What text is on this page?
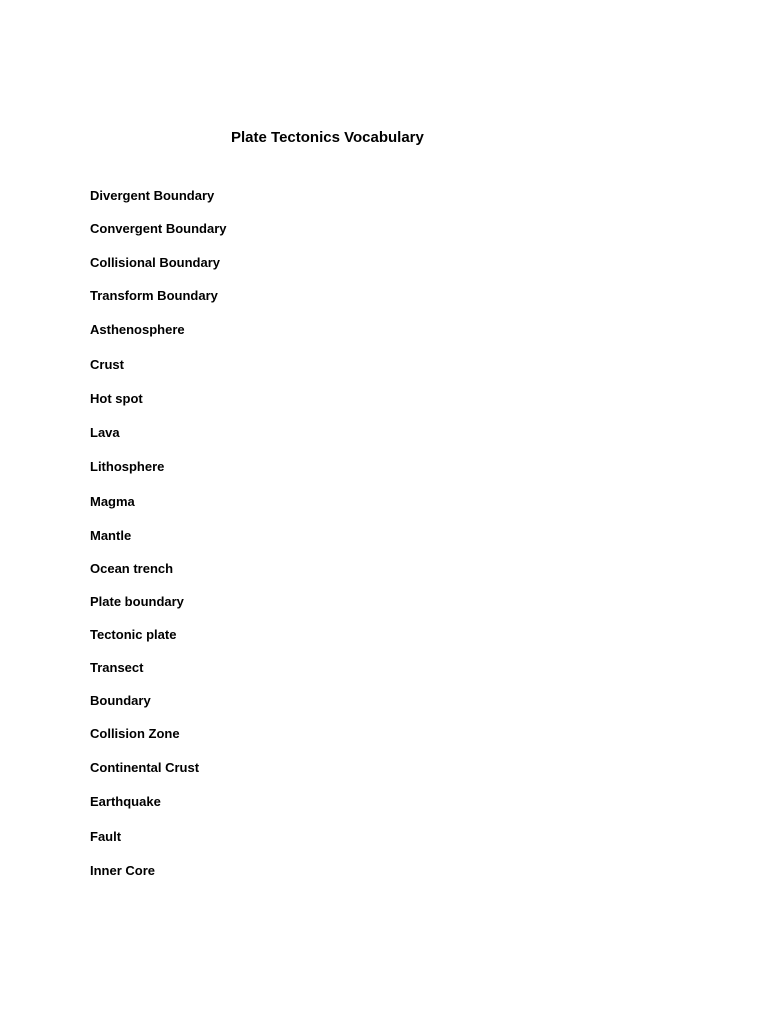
Plate Tectonics Vocabulary
Divergent Boundary
Convergent Boundary
Collisional Boundary
Transform Boundary
Asthenosphere
Crust
Hot spot
Lava
Lithosphere
Magma
Mantle
Ocean trench
Plate boundary
Tectonic plate
Transect
Boundary
Collision Zone
Continental Crust
Earthquake
Fault
Inner Core
